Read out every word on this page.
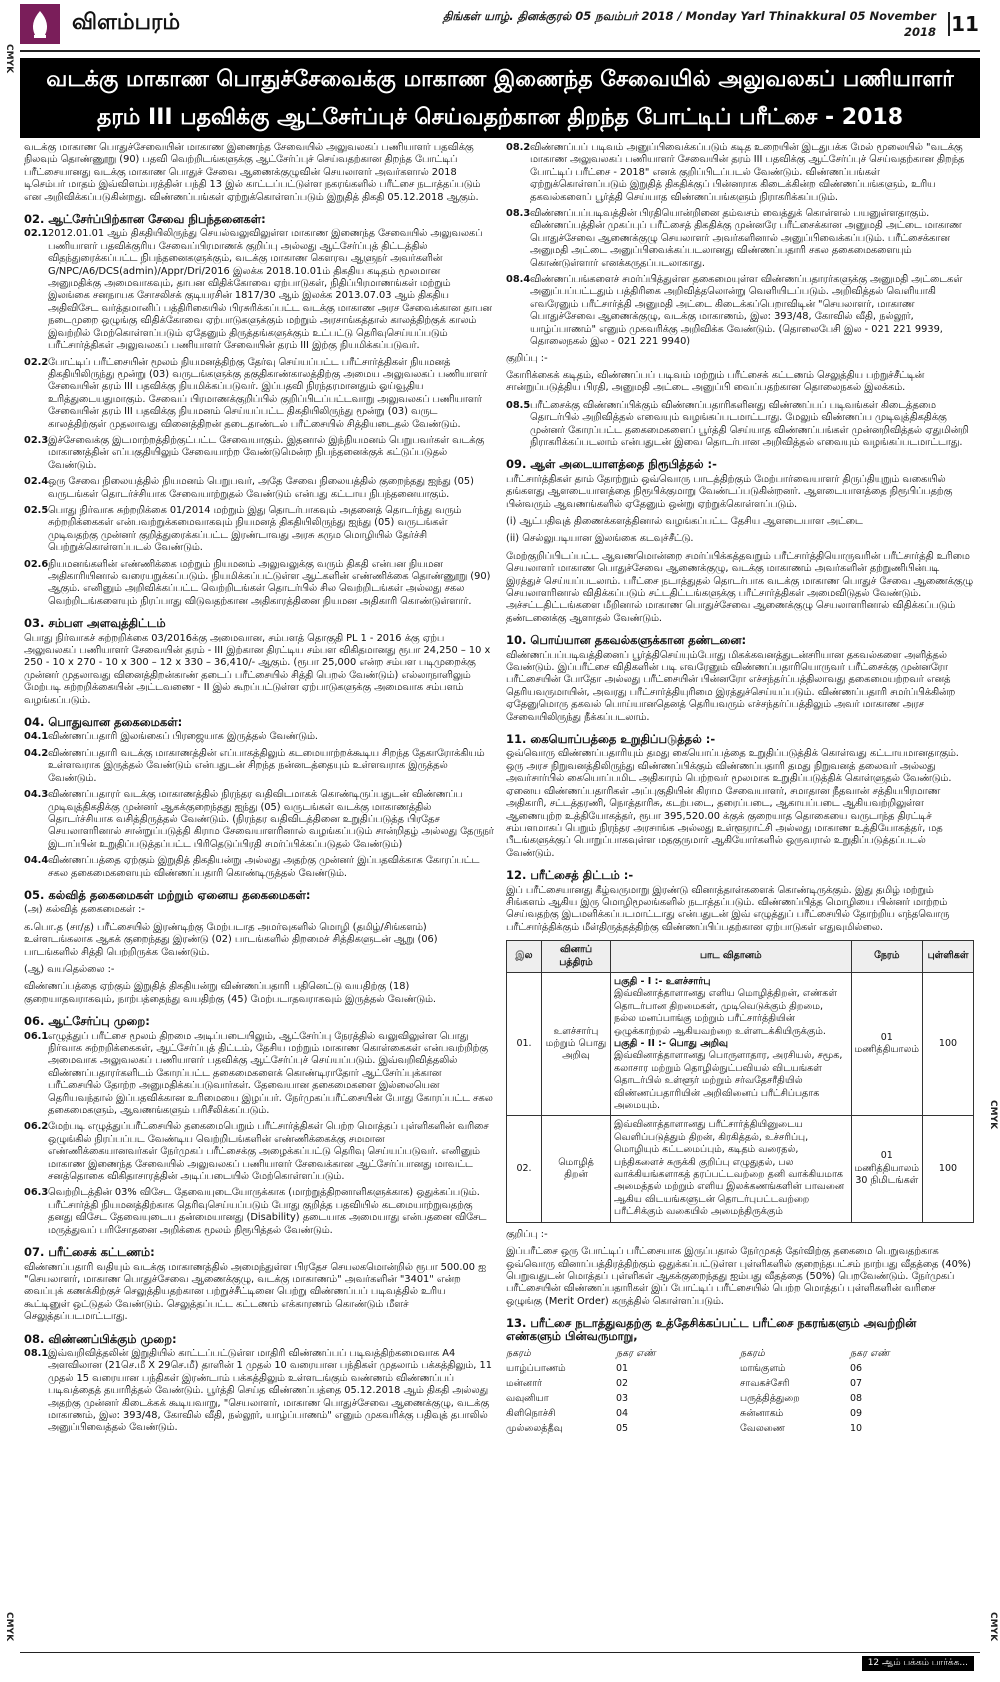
CMYK
CMYK
CMYK
CMYK
விளம்பரம்	திங்கள் யாழ். தினக்குரல் 05 நவம்பர் 2018 / Monday Yarl Thinakkural 05 November 2018 11
வடக்கு மாகாண பொதுச்சேவைக்கு மாகாண இணைந்த சேவையில் அலுவலகப் பணியாளர்
தரம் III பதவிக்கு ஆட்சேர்ப்புச் செய்வதற்கான திறந்த போட்டிப் பரீட்சை - 2018

வடக்கு மாகாண பொதுச்சேவையின் மாகாண இணைந்த சேவையில் அலுவலகப் பணியாளர் பதவிக்கு நிலவும் தொண்ணூறு (90) பதவி வெற்றிடங்களுக்கு ஆட்சேர்ப்புச் செய்வதற்கான திறந்த போட்டிப் பரீட்சையானது வடக்கு மாகாண பொதுச் சேவை ஆணைக்குழுவின் செயலாளர் அவர்களால் 2018 டிசெம்பர் மாதம் இவ்விளம்பரத்தின் பந்தி 13 இல் காட்டப்பட்டுள்ள நகரங்களில் பரீட்சை நடாத்தப்படும் என அறிவிக்கப்படுகின்றது. விண்ணப்பங்கள் ஏற்றுக்கொள்ளப்படும் இறுதித் திகதி 05.12.2018 ஆகும்.

02. ஆட்சேர்ப்பிற்கான சேவை நிபந்தனைகள்:
02.1 2012.01.01 ஆம் திகதியிலிருந்து செயல்வலுவிலுள்ள மாகாண இணைந்த சேவையில் அலுவலகப் பணியாளர் பதவிக்குரிய சேவைப்பிரமாணக் குறிப்பு அல்லது ஆட்சேர்ப்புத் திட்டத்தில் விதந்துரைக்கப்பட்ட நிபந்தனைகளுக்கும், வடக்கு மாகாண கௌரவ ஆளுநர் அவர்களின் G/NPC/A6/DCS(admin)/Appr/Dri/2016 இலக்க 2018.10.01ம் திகதிய கடிதம் மூலமான அனுமதிக்கு அமைவாகவும், தாபன விதிக்கோவை ஏற்பாடுகள், நிதிப்பிரமாணங்கள் மற்றும் இலங்கை சனநாயக சோசலிசக் குடியரசின் 1817/30 ஆம் இலக்க 2013.07.03 ஆம் திகதிய அதிவிசேட வர்த்தமானிப் பத்திரிகையில் பிரசுரிக்கப்பட்ட வடக்கு மாகாண அரச சேவைக்கான தாபன நடைமுறை ஒழுங்கு விதிக்கோவை ஏற்பாடுகளுக்கும் மற்றும் அரசாங்கத்தால் காலத்திற்குக் காலம் இவற்றில் மேற்கொள்ளப்படும் ஏதேனும் திருத்தங்களுக்கும் உட்பட்டு தெரிவுசெய்யப்படும் பரீட்சார்த்திகள் அலுவலகப் பணியாளர் சேவையின் தரம் III இற்கு நியமிக்கப்படுவர்.
02.2 போட்டிப் பரீட்சையின் மூலம் நியமனத்திற்கு தேர்வு செய்யப்பட்ட பரீட்சார்த்திகள் நியமனத் திகதியிலிருந்து மூன்று (03) வருடங்களுக்கு தகுதிகாண்காலத்திற்கு அமைய அலுவலகப் பணியாளர் சேவையின் தரம் III பதவிக்கு நியமிக்கப்படுவர். இப்பதவி நிரந்தரமானதும் ஓய்வூதிய உரித்துடையதுமாகும். சேவைப் பிரமாணக்குறிப்பில் குறிப்பிடப்பட்டவாறு அலுவலகப் பணியாளர் சேவையின் தரம் III பதவிக்கு நியமனம் செய்யப்பட்ட திகதியிலிருந்து மூன்று (03) வருட காலத்திற்குள் முதலாவது வினைத்திறன் தடைதாண்டல் பரீட்சையில் சித்தியடைதல் வேண்டும்.
02.3 இச்சேவைக்கு இடமாற்றத்திற்குட்பட்ட சேவையாகும். இதனால் இந்நியமனம் பெறுபவர்கள் வடக்கு மாகாணத்தின் எப்பகுதியிலும் சேவையாற்ற வேண்டுமென்ற நிபந்தனைக்குக் கட்டுப்படுதல் வேண்டும்.
02.4 ஒரு சேவை நிலையத்தில் நியமனம் பெறுபவர், அதே சேவை நிலையத்தில் குறைந்தது ஐந்து (05) வருடங்கள் தொடர்ச்சியாக சேவையாற்றுதல் வேண்டும் என்பது கட்டாய நிபந்தனையாகும்.
02.5 பொது நிர்வாக சுற்றறிக்கை 01/2014 மற்றும் இது தொடர்பாகவும் அதனைத் தொடர்ந்து வரும் சுற்றறிக்கைகள் என்பவற்றுக்கமைவாகவும் நியமனத் திகதியிலிருந்து ஐந்து (05) வருடங்கள் முடிவதற்கு முன்னர் குறித்துரைக்கப்பட்ட இரண்டாவது அரசு கரும மொழியில் தேர்ச்சி பெற்றுக்கொள்ளப்படல் வேண்டும்.
02.6 நியமனங்களின் எண்ணிக்கை மற்றும் நியமனம் அலுவலுக்கு வரும் திகதி என்பன நியமன அதிகாரியினால் வரையறுக்கப்படும். நியமிக்கப்பட்டுள்ள ஆட்களின் எண்ணிக்கை தொண்ணூறு (90) ஆகும். எனினும் அறிவிக்கப்பட்ட வெற்றிடங்கள் தொடர்பில் சில வெற்றிடங்கள் அல்லது சகல வெற்றிடங்களையும் நிரப்பாது விடுவதற்கான அதிகாரத்தினை நியமன அதிகாரி கொண்டுள்ளார்.
03. சம்பள அளவுத்திட்டம்

பொது நிர்வாகச் சுற்றறிக்கை 03/2016க்கு அமைவான, சம்பளத் தொகுதி PL 1 - 2016 க்கு ஏற்ப அலுவலகப் பணியாளர் சேவையின் தரம் - III இற்கான திரட்டிய சம்பள விகிதமானது ரூபா 24,250 – 10 x 250 - 10 x 270 - 10 x 300 – 12 x 330 – 36,410/- ஆகும். (ரூபா 25,000 என்ற சம்பள படிமுறைக்கு முன்னர் முதலாவது வினைத்திறன்காண் தடைப் பரீட்சையில் சித்தி பெறல் வேண்டும்) எல்லாநாளிலும் மேற்படி சுற்றறிக்கையின் அட்டவணை - II இல் கூறப்பட்டுள்ள ஏற்பாடுகளுக்கு அமைவாக சம்பளம் வழங்கப்படும்.

04. பொதுவான தகைமைகள்:
04.1 விண்ணப்பதாரி இலங்கைப் பிரஜையாக இருத்தல் வேண்டும்.
04.2 விண்ணப்பதாரி வடக்கு மாகாணத்தின் எப்பாகத்திலும் கடமையாற்றக்கூடிய சிறந்த தேகாரோக்கியம் உள்ளவராக இருத்தல் வேண்டும் என்பதுடன் சிறந்த நன்னடத்தையும் உள்ளவராக இருத்தல் வேண்டும்.
04.3 விண்ணப்பதாரர் வடக்கு மாகாணத்தில் நிரந்தர வதிவிடமாகக் கொண்டிருப்பதுடன் விண்ணப்ப முடிவுத்திகதிக்கு முன்னர் ஆகக்குறைந்தது ஐந்து (05) வருடங்கள் வடக்கு மாகாணத்தில் தொடர்ச்சியாக வசித்திருத்தல் வேண்டும். (நிரந்தர வதிவிடத்தினை உறுதிப்படுத்த பிரதேச செயலாளரினால் சான்றுப்படுத்தி கிராம சேவையாளரினால் வழங்கப்படும் சான்றிதழ் அல்லது தேருநர் இடாப்பின் உறுதிப்படுத்தப்பட்ட பிரிதெடுப்பிரதி சமர்ப்பிக்கப்படுதல் வேண்டும்)
04.4 விண்ணப்பத்தை ஏற்கும் இறுதித் திகதியன்று அல்லது அதற்கு முன்னர் இப்பதவிக்காக கோரப்பட்ட சகல தகைமைகளையும் விண்ணப்பதாரி கொண்டிருத்தல் வேண்டும்.
05. கல்வித் தகைமைகள் மற்றும் ஏனைய தகைமைகள்:
(அ) கல்வித் தகைமைகள் :-

க.பொ.த (சா/த) பரீட்சையில் இரண்டிற்கு மேற்படாத அமர்வுகளில் மொழி (தமிழ்/சிங்களம்) உள்ளடங்கலாக ஆகக் குறைந்தது இரண்டு (02) பாடங்களில் திறமைச் சித்திகளுடன் ஆறு (06) பாடங்களில் சித்தி பெற்றிருக்க வேண்டும்.

(ஆ) வயதெல்லை :-

விண்ணப்பத்தை ஏற்கும் இறுதித் திகதியன்று விண்ணப்பதாரி பதினெட்டு வயதிற்கு (18) குறையாதவராகவும், நாற்பத்தைந்து வயதிற்கு (45) மேற்படாதவராகவும் இருத்தல் வேண்டும்.

06. ஆட்சேர்ப்பு முறை:
06.1 எழுத்துப் பரீட்சை மூலம் திறமை அடிப்படையிலும், ஆட்சேர்ப்பு நேரத்தில் வலுவிலுள்ள பொது நிர்வாக சுற்றறிக்கைகள், ஆட்சேர்ப்புத் திட்டம், தேசிய மற்றும் மாகாண கொள்கைகள் என்பவற்றிற்கு அமைவாக அலுவலகப் பணியாளர் பதவிக்கு ஆட்சேர்ப்புச் செய்யப்படும். இவ்வறிவித்தலில் விண்ணப்பதாரர்களிடம் கோரப்பட்ட தகைமைகளைக் கொண்டிராதோர் ஆட்சேர்ப்புக்கான பரீட்சையில் தோற்ற அனுமதிக்கப்படுவார்கள். தேவையான தகைமைகளை இல்லையென தெரியவந்தால் இப்பதவிக்கான உரிமையை இழப்பர். நேர்முகப்பரீட்சையின் போது கோரப்பட்ட சகல தகைமைகளும், ஆவணங்களும் பரிசீலிக்கப்படும்.
06.2 மேற்படி எழுத்துப்பரீட்சையில் தகைமைபெறும் பரீட்சார்த்திகள் பெற்ற மொத்தப் புள்ளிகளின் வரிசை ஒழுங்கில் நிரப்பப்பட வேண்டிய வெற்றிடங்களின் எண்ணிக்கைக்கு சமமான எண்ணிக்கையானவர்கள் நேர்முகப் பரீட்சைக்கு அழைக்கப்பட்டு தெரிவு செய்யப்படுவர். எனினும் மாகாண இணைந்த சேவையில் அலுவலகப் பணியாளர் சேவைக்கான ஆட்சேர்ப்பானது மாவட்ட சனத்தொகை விகிதாசாரத்தின் அடிப்படையில் மேற்கொள்ளப்படும்.
06.3 வெற்றிடத்தின் 03% விசேட தேவையுடையோருக்காக (மாற்றுத்திறனாளிகளுக்காக) ஒதுக்கப்படும். பரீட்சார்த்தி நியமனத்திற்காக தெரிவுசெய்யப்படும் போது குறித்த பதவியில் கடமையாற்றுவதற்கு தனது விசேட தேவையுடைய தன்மையானது (Disability) தடையாக அமையாது என்பதனை விசேட மருத்துவப் பரிசோதனை அறிக்கை மூலம் நிரூபித்தல் வேண்டும்.
07. பரீட்சைக் கட்டணம்:

விண்ணப்பதாரி வதியும் வடக்கு மாகாணத்தில் அமைந்துள்ள பிரதேச செயலகமொன்றில் ரூபா 500.00 ஐ "செயலாளர், மாகாண பொதுச்சேவை ஆணைக்குழு, வடக்கு மாகாணம்" அவர்களின் "3401" என்ற வைப்புக் கணக்கிற்குச் செலுத்தியதற்கான பற்றுச்சீட்டினை பெற்று விண்ணப்பப் படிவத்தில் உரிய கூட்டினுள் ஒட்டுதல் வேண்டும். செலுத்தப்பட்ட கட்டணம் எக்காரணம் கொண்டும் மீளச் செலுத்தப்படமாட்டாது.

08. விண்ணப்பிக்கும் முறை:
08.1 இவ்வறிவித்தலின் இறுதியில் காட்டப்பட்டுள்ள மாதிரி விண்ணப்பப் படிவத்திற்கமைவாக A4 அளவிலான (21செ.மீ X 29செ.மீ) தாளின் 1 முதல் 10 வரையான பந்திகள் முதலாம் பக்கத்திலும், 11 முதல் 15 வரையான பந்திகள் இரண்டாம் பக்கத்திலும் உள்ளடங்கும் வண்ணம் விண்ணப்பப் படிவத்தைத் தயாரித்தல் வேண்டும். பூர்த்தி செய்த விண்ணப்பத்தை 05.12.2018 ஆம் திகதி அல்லது அதற்கு முன்னர் கிடைக்கக் கூடியவாறு, "செயலாளர், மாகாண பொதுச்சேவை ஆணைக்குழு, வடக்கு மாகாணம், இல: 393/48, கோவில் வீதி, நல்லூர், யாழ்ப்பாணம்" எனும் முகவரிக்கு பதிவுத் தபாலில் அனுப்பிவைத்தல் வேண்டும்.
08.2 விண்ணப்பப் படிவம் அனுப்பிவைக்கப்படும் கடித உறையின் இடதுபக்க மேல் மூலையில் "வடக்கு மாகாண அலுவலகப் பணியாளர் சேவையின் தரம் III பதவிக்கு ஆட்சேர்ப்புச் செய்வதற்கான திறந்த போட்டிப் பரீட்சை - 2018" எனக் குறிப்பிடப்படல் வேண்டும். விண்ணப்பங்கள் ஏற்றுக்கொள்ளப்படும் இறுதித் திகதிக்குப் பின்னராக கிடைக்கின்ற விண்ணப்பங்களும், உரிய தகவல்களைப் பூர்த்தி செய்யாத விண்ணப்பங்களும் நிராகரிக்கப்படும்.
08.3 விண்ணப்பப்படிவத்தின் பிரதியொன்றினை தம்வசம் வைத்துக் கொள்ளல் பயனுள்ளதாகும். விண்ணப்பத்தின் முகப்புப் பரீட்சைத் திகதிக்கு முன்னரே பரீட்சைக்கான அனுமதி அட்டை மாகாண பொதுச்சேவை ஆணைக்குழு செயலாளர் அவர்களினால் அனுப்பிவைக்கப்படும். பரீட்சைக்கான அனுமதி அட்டை அனுப்பிவைக்கப்படலானது விண்ணப்பதாரி சகல தகைமைகளையும் கொண்டுள்ளார் எனக்கருதப்படலாகாது.
08.4 விண்ணப்பங்களைச் சமர்ப்பித்துள்ள தகைமையுள்ள விண்ணப்பதாரர்களுக்கு அனுமதி அட்டைகள் அனுப்பப்பட்டதும் பத்திரிகை அறிவித்தலொன்று வெளியிடப்படும். அறிவித்தல் வெளியாகி எவரேனும் பரீட்சார்த்தி அனுமதி அட்டை கிடைக்கப்பெறாவிடின் "செயலாளர், மாகாண பொதுச்சேவை ஆணைக்குழு, வடக்கு மாகாணம், இல: 393/48, கோவில் வீதி, நல்லூர், யாழ்ப்பாணம்" எனும் முகவரிக்கு அறிவிக்க வேண்டும். (தொலைபேசி இல - 021 221 9939, தொலைநகல் இல - 021 221 9940)
குறிப்பு :-

கோரிக்கைக் கடிதம், விண்ணப்பப் படிவம் மற்றும் பரீட்சைக் கட்டணம் செலுத்திய பற்றுச்சீட்டின் சான்றுப்படுத்திய பிரதி, அனுமதி அட்டை அனுப்பி வைப்பதற்கான தொலைநகல் இலக்கம்.

08.5 பரீட்சைக்கு விண்ணப்பிக்கும் விண்ணப்பதாரிகளினது விண்ணப்பப் படிவங்கள் கிடைத்தமை தொடர்பில் அறிவித்தல் எவையும் வழங்கப்படமாட்டாது. மேலும் விண்ணப்ப முடிவுத்திகதிக்கு முன்னர் கோரப்பட்ட தகைமைகளைப் பூர்த்தி செய்யாத விண்ணப்பங்கள் முன்னறிவித்தல் ஏதுமின்றி நிராகரிக்கப்படலாம் என்பதுடன் இவை தொடர்பான அறிவித்தல் எவையும் வழங்கப்படமாட்டாது.
09. ஆள் அடையாளத்தை நிரூபித்தல் :-

பரீட்சார்த்திகள் தாம் தோற்றும் ஒவ்வொரு பாடத்திற்கும் மேற்பார்வையாளர் திருப்தியுறும் வகையில் தங்களது ஆளடையாளத்தை நிரூபிக்குமாறு வேண்டப்படுகின்றனர். ஆளடையாளத்தை நிரூபிப்பதற்கு பின்வரும் ஆவணங்களில் ஏதேனும் ஒன்று ஏற்றுக்கொள்ளப்படும்.

(i) ஆட்பதிவுத் திணைக்களத்தினால் வழங்கப்பட்ட தேசிய ஆளடையாள அட்டை
(ii) செல்லுபடியான இலங்கை கடவுச்சீட்டு.

மேற்குறிப்பிடப்பட்ட ஆவணமொன்றை சமர்ப்பிக்கத்தவறும் பரீட்சார்த்தியொருவரின் பரீட்சார்த்தி உரிமை செயலாளர் மாகாண பொதுச்சேவை ஆணைக்குழு, வடக்கு மாகாணம் அவர்களின் தற்றுணிபின்படி இரத்துச் செய்யப்படலாம். பரீட்சை நடாத்துதல் தொடர்பாக வடக்கு மாகாண பொதுச் சேவை ஆணைக்குழு செயலாளரினால் விதிக்கப்படும் சட்டதிட்டங்களுக்கு பரீட்சார்த்திகள் அமைவிடுதல் வேண்டும். அச்சட்டதிட்டங்களை மீறினால் மாகாண பொதுச்சேவை ஆணைக்குழு செயலாளரினால் விதிக்கப்படும் தண்டனைக்கு ஆளாதல் வேண்டும்.

10. பொய்யான தகவல்களுக்கான தண்டனை:

விண்ணப்பப்படிவத்தினைப் பூர்த்திசெய்யும்போது மிகக்கவனத்துடன்சரியான தகவல்களை அளித்தல் வேண்டும். இப்பரீட்சை விதிகளின் படி எவரேனும் விண்ணப்பதாரியொருவர் பரீட்சைக்கு முன்னரோ பரீட்சையின் போதோ அல்லது பரீட்சையின் பின்னரோ எச்சந்தர்ப்பத்திலாவது தகைமையற்றவர் எனத் தெரியவருமாயின், அவரது பரீட்சார்த்தியுரிமை இரத்துச்செய்யப்படும். விண்ணப்பதாரி சமர்ப்பிக்கின்ற ஏதேனுமொரு தகவல் பொய்யானதெனத் தெரியவரும் எச்சந்தர்ப்பத்திலும் அவர் மாகாண அரச சேவையிலிருந்து நீக்கப்படலாம்.

11. கையொப்பத்தை உறுதிப்படுத்தல் :-

ஒவ்வொரு விண்ணப்பதாரியும் தமது கையொப்பத்தை உறுதிப்படுத்திக் கொள்வது கட்டாயமானதாகும். ஒரு அரச நிறுவனத்திலிருந்து விண்ணப்பிக்கும் விண்ணப்பதாரி தமது நிறுவனத் தலைவர் அல்லது அவர்சார்பில் கையொப்பமிட அதிகாரம் பெற்றவர் மூலமாக உறுதிப்படுத்திக் கொள்ளுதல் வேண்டும். ஏனைய விண்ணப்பதாரிகள் அப்புகுதியின் கிராம சேவையாளர், சமாதான நீதவான் சத்தியபிரமாண அதிகாரி, சட்டத்தரணி, நொத்தாரிசு, கடற்படை, தரைப்படை, ஆகாயப்படை ஆகியவற்றிலுள்ள ஆணையுற்ற உத்தியோகத்தர், ரூபா 395,520.00 க்குக் குறையாத தொகையை வருடாந்த திரட்டிச் சம்பளமாகப் பெறும் நிரந்தர அரசாங்க அல்லது உள்ளூராட்சி அல்லது மாகாண உத்தியோகத்தர், மத பீடங்களுக்குப் பொறுப்பாகவுள்ள மதகுருமார் ஆகியோர்களில் ஒருவரால் உறுதிப்படுத்தப்படல் வேண்டும்.

12. பரீட்சைத் திட்டம் :-

இப் பரீட்சையானது கீழ்வருமாறு இரண்டு வினாத்தாள்களைக் கொண்டிருக்கும். இது தமிழ் மற்றும் சிங்களம் ஆகிய இரு மொழிமூலங்களில் நடாத்தப்படும். விண்ணப்பித்த மொழியை பின்னர் மாற்றம் செய்வதற்கு இடமளிக்கப்படமாட்டாது என்பதுடன் இவ் எழுத்துப் பரீட்சையில் தோற்றிய எந்தவொரு பரீட்சார்த்திக்கும் மீள்திருத்தத்திற்கு விண்ணப்பிப்பதற்கான ஏற்பாடுகள் எதுவுமில்லை.

இல	வினாப் பத்திரம்	பாட விதானம்	நேரம்	புள்ளிகள்
01.	உளச்சார்பு மற்றும் பொது அறிவு	பகுதி - I :- உளச்சார்பு
இவ்வினாத்தாளானது எளிய மொழித்திறன், எண்கள் தொடர்பான திறமைகள், முடிவெடுக்கும் திறமை, நல்ல மனப்பாங்கு மற்றும் பரீட்சார்த்தியின் ஒழுக்காற்றல் ஆகியவற்றை உள்ளடக்கியிருக்கும்.
பகுதி - II :- பொது அறிவு
இவ்வினாத்தாளானது பொருளாதார, அரசியல், சமூக, கலாசார மற்றும் தொழில்நுட்பவியல் விடயங்கள் தொடர்பில் உள்ளூர் மற்றும் சர்வதேசரீதியில் விண்ணப்பதாரியின் அறிவினைப் பரீட்சிப்பதாக அமையும்.	01 மணித்தியாலம்	100
02.	மொழித் திறன்	இவ்வினாத்தாளானது பரீட்சார்த்தியினுடைய வெளிப்படுத்தும் திறன், கிரகித்தல், உச்சரிப்பு, மொழியும் கட்டமைப்பும், கடிதம் வரைதல், பந்திகளைச் சுருக்கி குறிப்பு எழுதுதல், பல வாக்கியங்களாகத் தரப்பட்டவற்றை தனி வாக்கியமாக அமைத்தல் மற்றும் எளிய இலக்கணங்களின் பாவனை ஆகிய விடயங்களுடன் தொடர்புபட்டவற்றை பரீட்சிக்கும் வகையில் அமைந்திருக்கும்	01 மணித்தியாலம் 30 நிமிடங்கள்	100
குறிப்பு :-

இப்பரீட்சை ஒரு போட்டிப் பரீட்சையாக இருப்பதால் நேர்முகத் தேர்விற்கு தகைமை பெறுவதற்காக ஒவ்வொரு வினாப்பத்திரத்திற்கும் ஒதுக்கப்பட்டுள்ள புள்ளிகளில் குறைந்தபட்சம் நாற்பது வீதத்தை (40%) பெறுவதுடன் மொத்தப் புள்ளிகள் ஆகக்குறைந்தது ஐம்பது வீதத்தை (50%) பெறவேண்டும். நேர்முகப் பரீட்சையின் விண்ணப்பதாரிகள் இப் போட்டிப் பரீட்சையில் பெற்ற மொத்தப் புள்ளிகளின் வரிசை ஒழுங்கு (Merit Order) கருத்தில் கொள்ளப்படும்.

13. பரீட்சை நடாத்துவதற்கு உத்தேசிக்கப்பட்ட பரீட்சை நகரங்களும் அவற்றின் எண்களும் பின்வருமாறு,
நகரம்	நகர எண்
யாழ்ப்பாணம்	01
மன்னார்	02
வவுனியா	03
கிளிநொச்சி	04
முல்லைத்தீவு	05
நகரம்	நகர எண்
மாங்குளம்	06
சாவகச்சேரி	07
பருத்தித்துறை	08
சுன்னாகம்	09
வேலணை	10
12 ஆம் பக்கம் பார்க்க...
